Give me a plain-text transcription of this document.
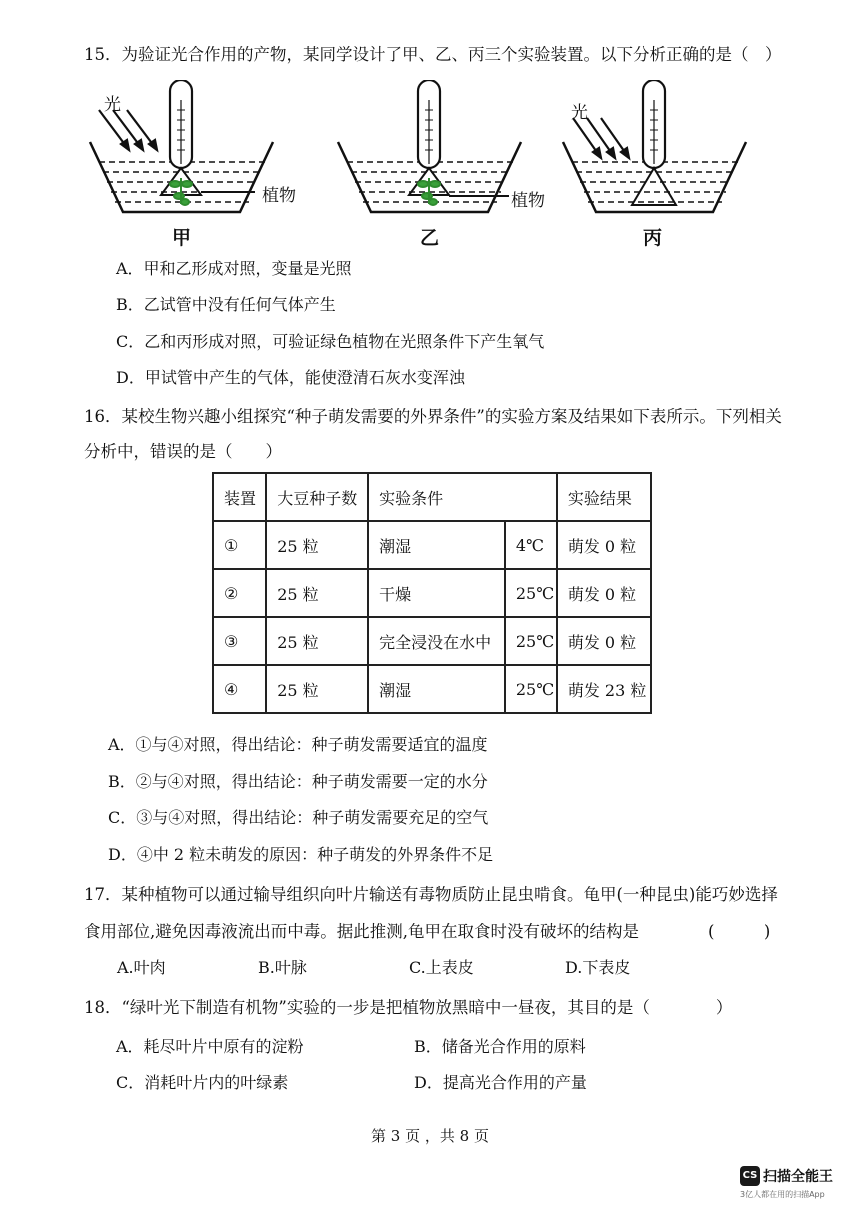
15．为验证光合作用的产物，某同学设计了甲、乙、丙三个实验装置。以下分析正确的是（　）
光
植物
甲
植物
乙
光
丙
A．甲和乙形成对照，变量是光照
B．乙试管中没有任何气体产生
C．乙和丙形成对照，可验证绿色植物在光照条件下产生氧气
D．甲试管中产生的气体，能使澄清石灰水变浑浊
16．某校生物兴趣小组探究“种子萌发需要的外界条件”的实验方案及结果如下表所示。下列相关
分析中，错误的是（　　）
装置	大豆种子数	实验条件		实验结果
①	25 粒	潮湿	4℃	萌发 0 粒
②	25 粒	干燥	25℃	萌发 0 粒
③	25 粒	完全浸没在水中	25℃	萌发 0 粒
④	25 粒	潮湿	25℃	萌发 23 粒
A．①与④对照，得出结论：种子萌发需要适宜的温度
B．②与④对照，得出结论：种子萌发需要一定的水分
C．③与④对照，得出结论：种子萌发需要充足的空气
D．④中 2 粒未萌发的原因：种子萌发的外界条件不足
17．某种植物可以通过输导组织向叶片输送有毒物质防止昆虫啃食。龟甲(一种昆虫)能巧妙选择
食用部位,避免因毒液流出而中毒。据此推测,龟甲在取食时没有破坏的结构是	(　　　)
A.叶肉	B.叶脉	C.上表皮	D.下表皮
18．“绿叶光下制造有机物”实验的一步是把植物放黑暗中一昼夜，其目的是（　　　　）
A．耗尽叶片中原有的淀粉	B．储备光合作用的原料
C．消耗叶片内的叶绿素	D．提高光合作用的产量
第 3 页 ，共 8 页
CS 扫描全能王
3亿人都在用的扫描App
